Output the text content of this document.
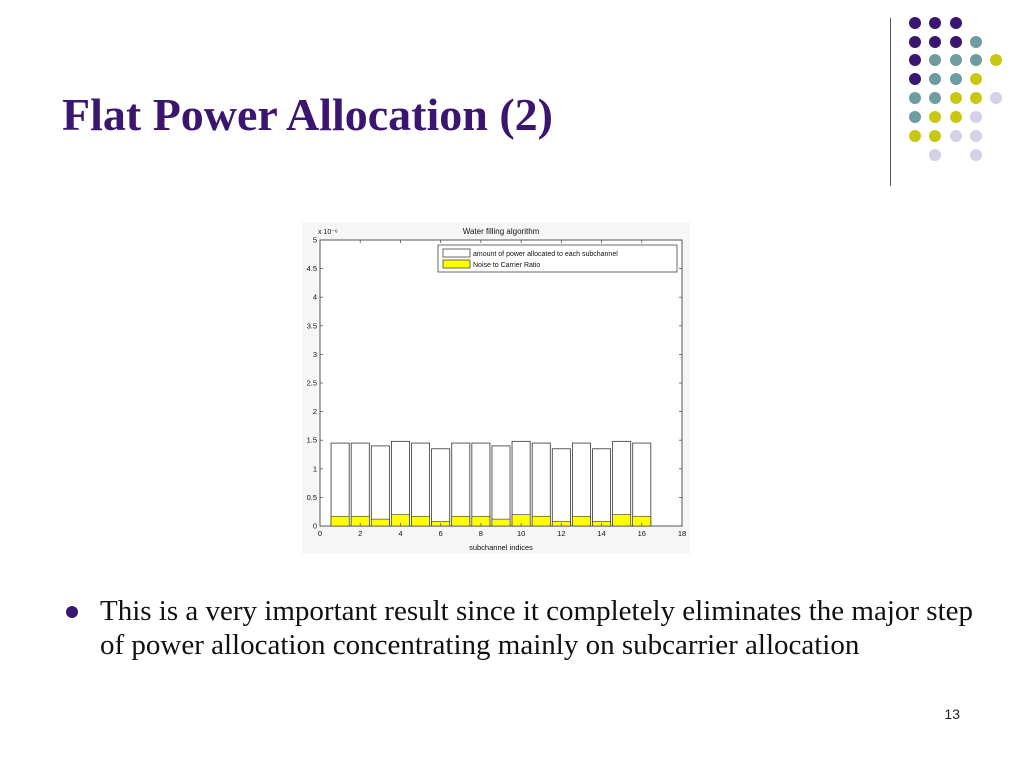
Flat Power Allocation (2)
0
0.5
1
1.5
2
2.5
3
3.5
4
4.5
5
0	2	4	6	8	10	12	14	16	18
Water filling algorithm
x 10⁻⁶
subchannel indices
amount of power allocated to each subchannel
Noise to Carrier Ratio
This is a very important result since it completely eliminates the major step of power allocation concentrating mainly on subcarrier allocation
13
